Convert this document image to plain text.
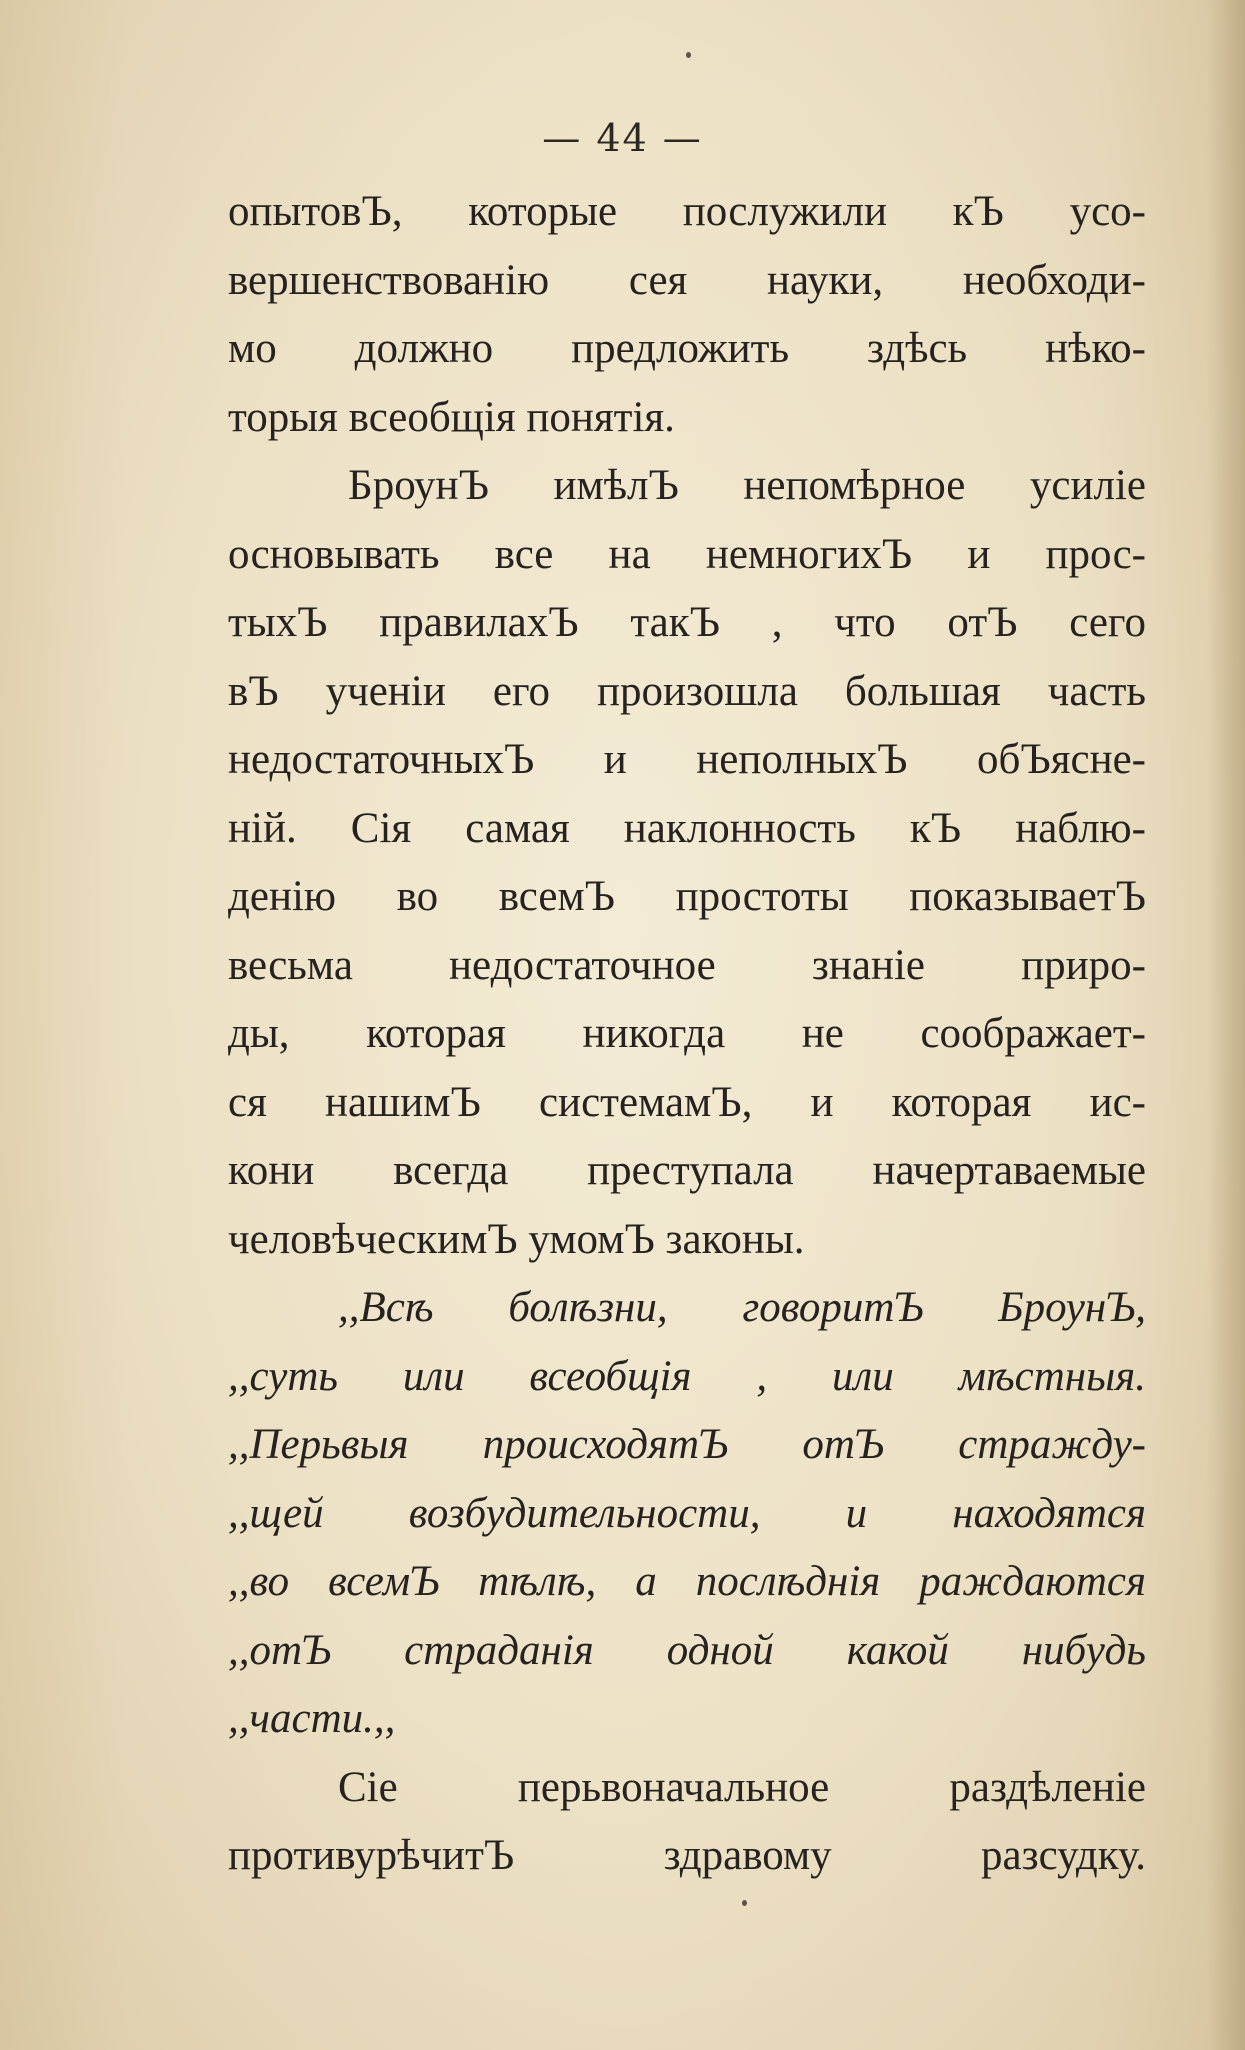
— 44 —
опытовЪ, которые послужили кЪ усо-
вершенствованію сея науки, необходи-
мо должно предложить здѣсь нѣко-
торыя всеобщія понятія.
БроунЪ имѣлЪ непомѣрное усиліе
основывать все на немногихЪ и прос-
тыхЪ правилахЪ такЪ , что отЪ сего
вЪ ученіи его произошла большая часть
недостаточныхЪ и неполныхЪ обЪясне-
ній. Сія самая наклонность кЪ наблю-
денію во всемЪ простоты показываетЪ
весьма недостаточное знаніе приро-
ды, которая никогда не соображает-
ся нашимЪ системамЪ, и которая ис-
кони всегда преступала начертаваемые
человѣческимЪ умомЪ законы.
,,Всѣ болѣзни, говоритЪ БроунЪ,
,,суть или всеобщія , или мѣстныя.
,,Перьвыя происходятЪ отЪ стражду-
,,щей возбудительности, и находятся
,,во всемЪ тѣлѣ, а послѣднія раждаются
,,отЪ страданія одной какой нибудь
,,части.,,
Сіе перьвоначальное раздѣленіе
противурѣчитЪ здравому разсудку.
